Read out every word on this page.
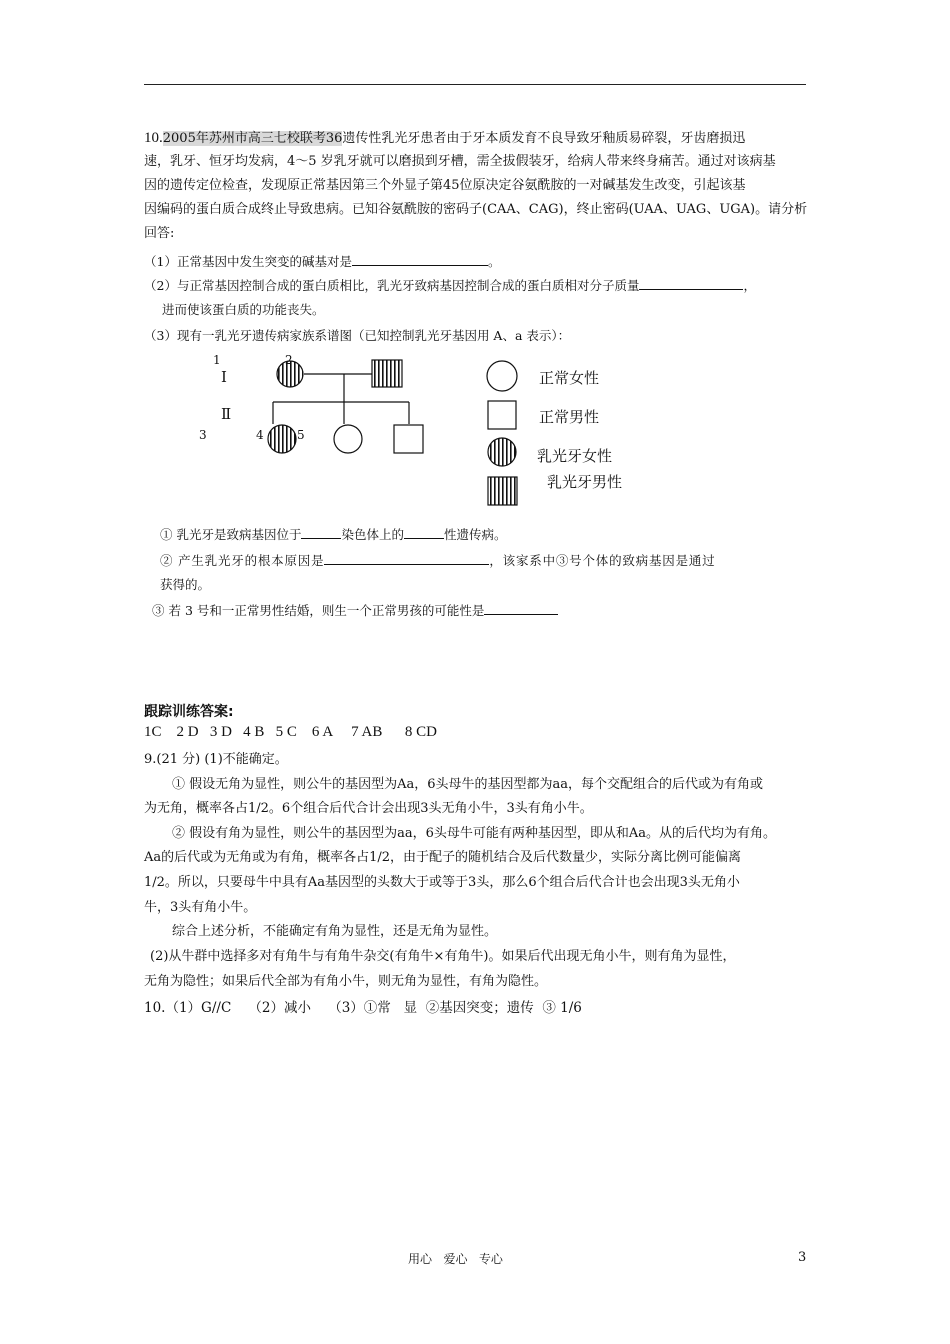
10.2005年苏州市高三七校联考36遗传性乳光牙患者由于牙本质发育不良导致牙釉质易碎裂，牙齿磨损迅
速，乳牙、恒牙均发病，4～5 岁乳牙就可以磨损到牙槽，需全拔假装牙，给病人带来终身痛苦。通过对该病基
因的遗传定位检查，发现原正常基因第三个外显子第45位原决定谷氨酰胺的一对碱基发生改变，引起该基
因编码的蛋白质合成终止导致患病。已知谷氨酰胺的密码子(CAA、CAG)，终止密码(UAA、UAG、UGA)。请分析
回答:
（1）正常基因中发生突变的碱基对是	。
（2）与正常基因控制合成的蛋白质相比，乳光牙致病基因控制合成的蛋白质相对分子质量	，
进而使该蛋白质的功能丧失。
（3）现有一乳光牙遗传病家族系谱图（已知控制乳光牙基因用 A、a 表示）：
1	2
Ⅰ
Ⅱ
3	4	5
正常女性
正常男性
乳光牙女性
乳光牙男性
① 乳光牙是致病基因位于	染色体上的	性遗传病。
② 产生乳光牙的根本原因是	，该家系中③号个体的致病基因是通过
获得的。
③ 若 3 号和一正常男性结婚，则生一个正常男孩的可能性是
跟踪训练答案:
1C    2 D   3 D   4 B   5 C    6 A     7 AB      8 CD
9.(21 分) (1)不能确定。
① 假设无角为显性，则公牛的基因型为Aa，6头母牛的基因型都为aa，每个交配组合的后代或为有角或
为无角，概率各占1/2。6个组合后代合计会出现3头无角小牛，3头有角小牛。
② 假设有角为显性，则公牛的基因型为aa，6头母牛可能有两种基因型，即从和Aa。从的后代均为有角。
Aa的后代或为无角或为有角，概率各占1/2，由于配子的随机结合及后代数量少，实际分离比例可能偏离
1/2。所以，只要母牛中具有Aa基因型的头数大于或等于3头，那么6个组合后代合计也会出现3头无角小
牛，3头有角小牛。
综合上述分析，不能确定有角为显性，还是无角为显性。
(2)从牛群中选择多对有角牛与有角牛杂交(有角牛×有角牛)。如果后代出现无角小牛，则有角为显性，
无角为隐性；如果后代全部为有角小牛，则无角为显性，有角为隐性。
10.（1）G//C    （2）减小    （3）①常   显  ②基因突变；遗传  ③ 1/6
用心   爱心   专心	3
